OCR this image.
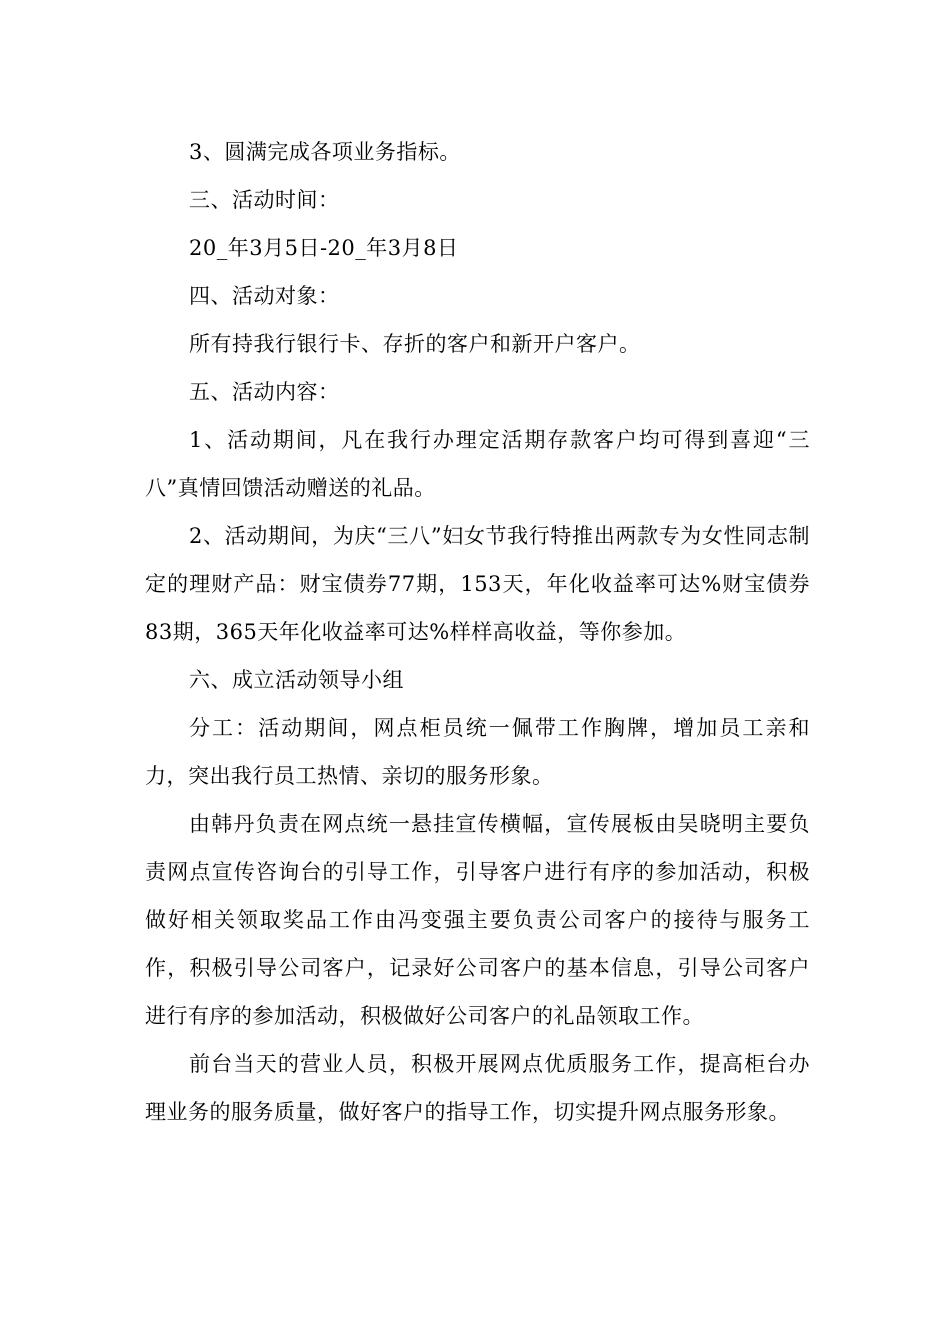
3、圆满完成各项业务指标。

三、活动时间：

20_年3月5日-20_年3月8日

四、活动对象：

所有持我行银行卡、存折的客户和新开户客户。

五、活动内容：

1、活动期间，凡在我行办理定活期存款客户均可得到喜迎“三八”真情回馈活动赠送的礼品。

2、活动期间，为庆“三八”妇女节我行特推出两款专为女性同志制定的理财产品：财宝债券77期，153天，年化收益率可达%财宝债券83期，365天年化收益率可达%样样高收益，等你参加。

六、成立活动领导小组

分工：活动期间，网点柜员统一佩带工作胸牌，增加员工亲和力，突出我行员工热情、亲切的服务形象。

由韩丹负责在网点统一悬挂宣传横幅，宣传展板由吴晓明主要负责网点宣传咨询台的引导工作，引导客户进行有序的参加活动，积极做好相关领取奖品工作由冯变强主要负责公司客户的接待与服务工作，积极引导公司客户，记录好公司客户的基本信息，引导公司客户进行有序的参加活动，积极做好公司客户的礼品领取工作。

前台当天的营业人员，积极开展网点优质服务工作，提高柜台办理业务的服务质量，做好客户的指导工作，切实提升网点服务形象。
